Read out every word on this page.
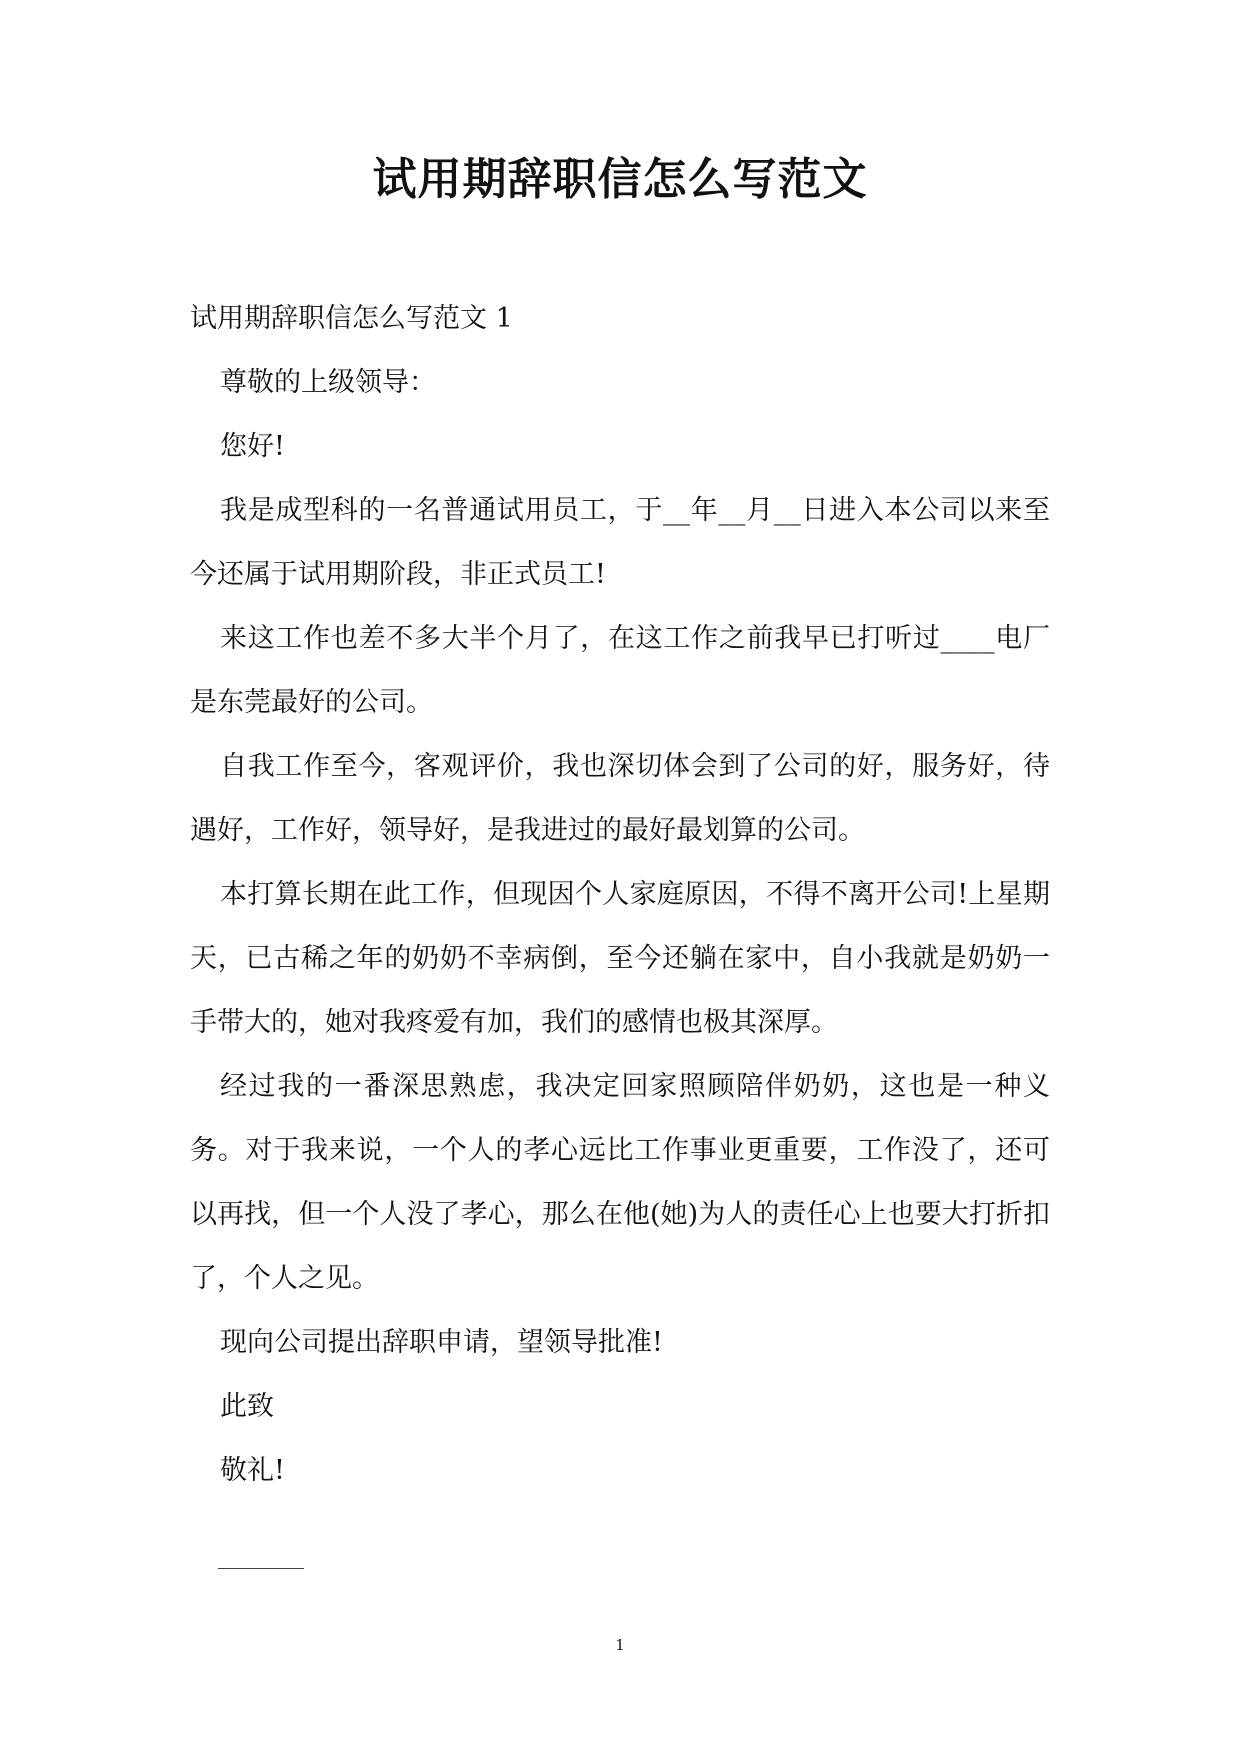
试用期辞职信怎么写范文

试用期辞职信怎么写范文 1

尊敬的上级领导：

您好!

我是成型科的一名普通试用员工，于__年__月__日进入本公司以来至今还属于试用期阶段，非正式员工!

来这工作也差不多大半个月了，在这工作之前我早已打听过____电厂是东莞最好的公司。

自我工作至今，客观评价，我也深切体会到了公司的好，服务好，待遇好，工作好，领导好，是我进过的最好最划算的公司。

本打算长期在此工作，但现因个人家庭原因，不得不离开公司!上星期天，已古稀之年的奶奶不幸病倒，至今还躺在家中，自小我就是奶奶一手带大的，她对我疼爱有加，我们的感情也极其深厚。

经过我的一番深思熟虑，我决定回家照顾陪伴奶奶，这也是一种义务。对于我来说，一个人的孝心远比工作事业更重要，工作没了，还可以再找，但一个人没了孝心，那么在他(她)为人的责任心上也要大打折扣了，个人之见。

现向公司提出辞职申请，望领导批准!

此致

敬礼!

1
